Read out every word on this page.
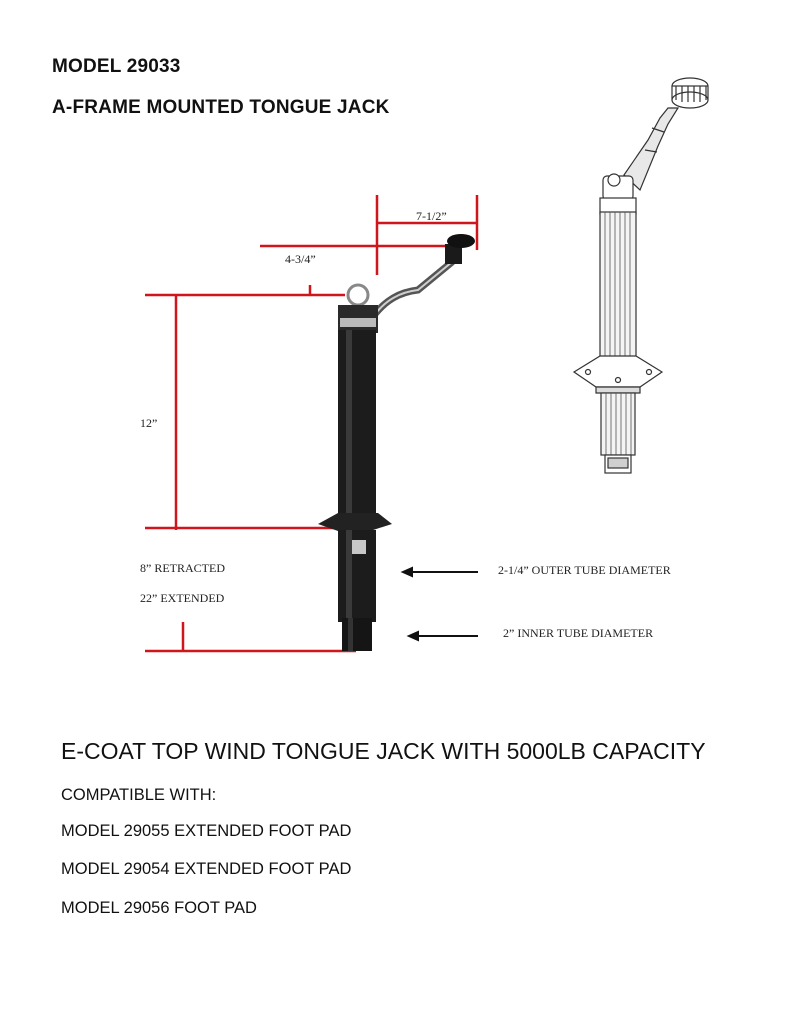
MODEL 29033
A-FRAME MOUNTED TONGUE JACK
7-1/2”
4-3/4”
12”
8” RETRACTED
22” EXTENDED
2-1/4” OUTER TUBE DIAMETER
2” INNER TUBE DIAMETER
E-COAT TOP WIND TONGUE JACK WITH 5000LB CAPACITY
COMPATIBLE WITH:
MODEL 29055 EXTENDED FOOT PAD
MODEL 29054 EXTENDED FOOT PAD
MODEL 29056 FOOT PAD
